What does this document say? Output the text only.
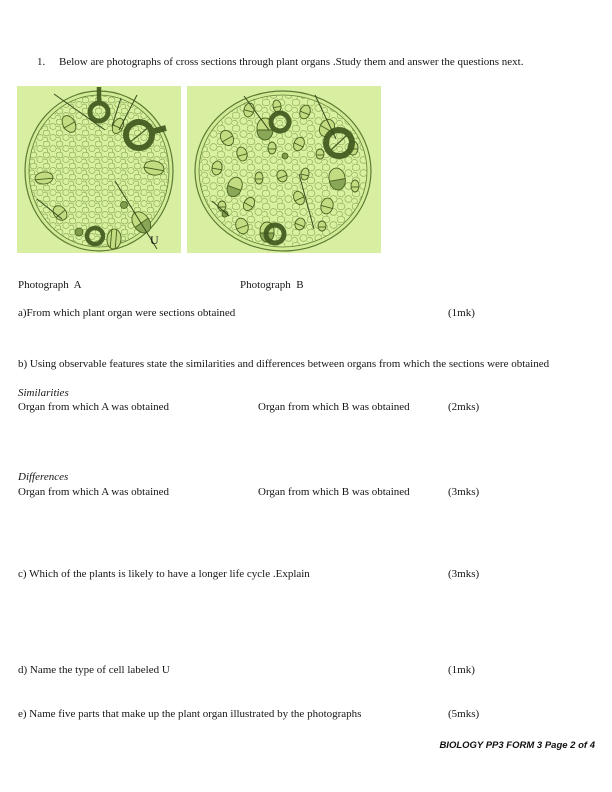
1.	Below are photographs of cross sections through plant organs .Study them and answer the questions next.
U
Photograph  A	Photograph  B
a)From which plant organ were sections obtained	(1mk)
b) Using observable features state the similarities and differences between organs from which the sections were obtained
Similarities
Organ from which A was obtained	Organ from which B was obtained	(2mks)
Differences
Organ from which A was obtained	Organ from which B was obtained	(3mks)
c) Which of the plants is likely to have a longer life cycle .Explain	(3mks)
d) Name the type of cell labeled U	(1mk)
e) Name five parts that make up the plant organ illustrated by the photographs	(5mks)
BIOLOGY PP3 FORM 3 Page 2 of 4
